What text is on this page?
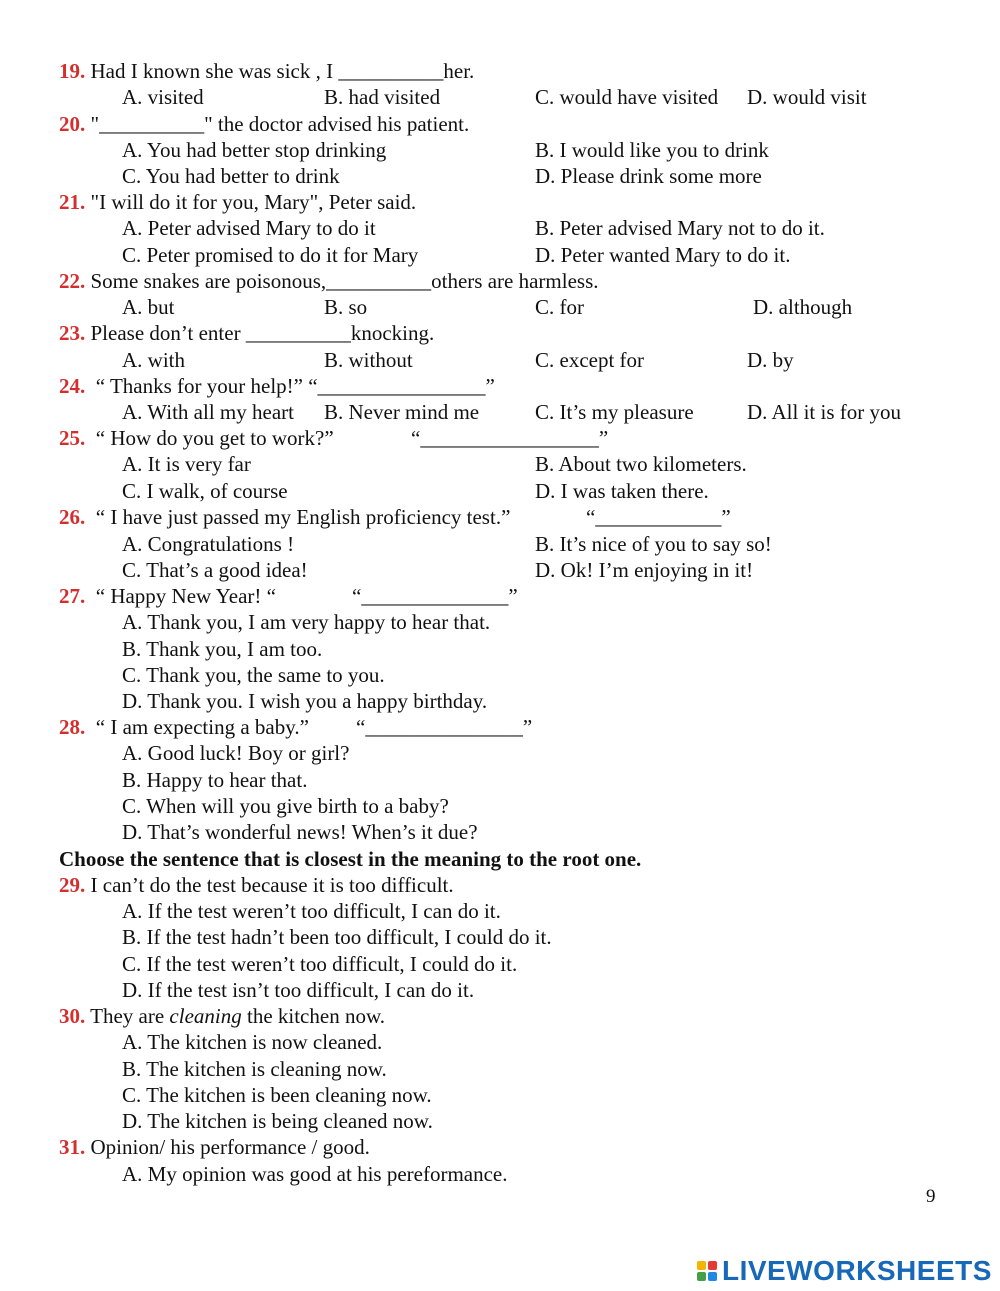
19. Had I known she was sick , I __________her.
A. visited	B. had visited	C. would have visited D. would visit
20. "__________" the doctor advised his patient.
A. You had better stop drinking	B. I would like you to drink
C. You had better to drink	D. Please drink some more
21. "I will do it for you, Mary", Peter said.
A. Peter advised Mary to do it	B. Peter advised Mary not to do it.
C. Peter promised to do it for Mary	D. Peter wanted Mary to do it.
22. Some snakes are poisonous,__________others are harmless.
A. but	B. so	C. for	D. although
23. Please don’t enter __________knocking.
A. with	B. without	C. except for	D. by
24. “ Thanks for your help!” “________________”
A. With all my heart B. Never mind me	C. It’s my pleasure	D. All it is for you
25. “ How do you get to work?”	“_________________”
A. It is very far	B. About two kilometers.
C. I walk, of course	D. I was taken there.
26. “ I have just passed my English proficiency test.”	“____________”
A. Congratulations !	B. It’s nice of you to say so!
C. That’s a good idea!	D. Ok! I’m enjoying in it!
27. “ Happy New Year! “	“______________”
A. Thank you, I am very happy to hear that.
B. Thank you, I am too.
C. Thank you, the same to you.
D. Thank you. I wish you a happy birthday.
28. “ I am expecting a baby.” “_______________”
A. Good luck! Boy or girl?
B. Happy to hear that.
C. When will you give birth to a baby?
D. That’s wonderful news! When’s it due?
Choose the sentence that is closest in the meaning to the root one.
29. I can’t do the test because it is too difficult.
A. If the test weren’t too difficult, I can do it.
B. If the test hadn’t been too difficult, I could do it.
C. If the test weren’t too difficult, I could do it.
D. If the test isn’t too difficult, I can do it.
30. They are cleaning the kitchen now.
A. The kitchen is now cleaned.
B. The kitchen is cleaning now.
C. The kitchen is been cleaning now.
D. The kitchen is being cleaned now.
31. Opinion/ his performance / good.
A. My opinion was good at his pereformance.
9
LIVEWORKSHEETS
